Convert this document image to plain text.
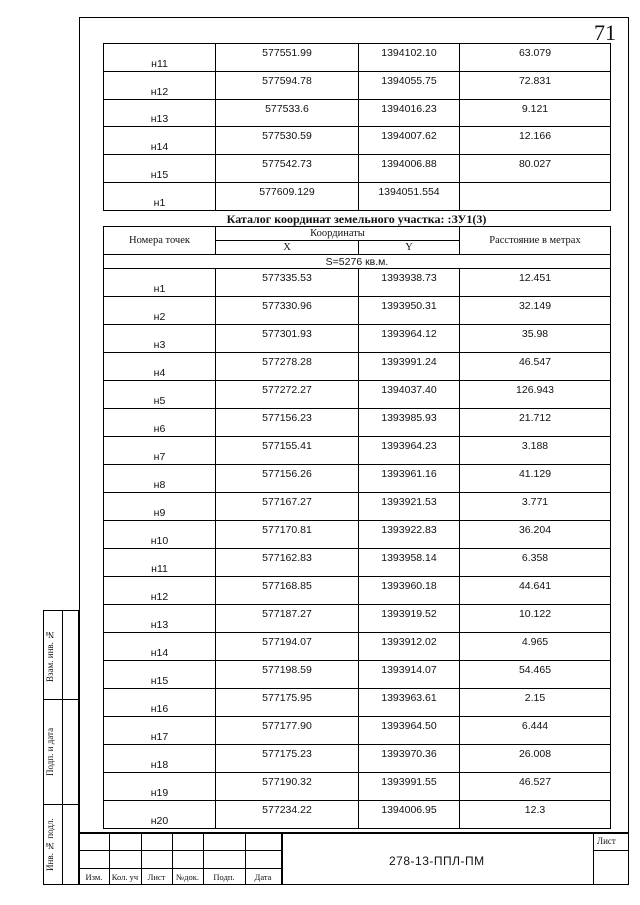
71
н11	577551.99	1394102.10	63.079
н12	577594.78	1394055.75	72.831
н13	577533.6	1394016.23	9.121
н14	577530.59	1394007.62	12.166
н15	577542.73	1394006.88	80.027
н1	577609.129	1394051.554	
Каталог координат земельного участка: :ЗУ1(3)
Номера точек	Координаты		Расстояние в метрах
	X	Y	
S=5276 кв.м.			
н1	577335.53	1393938.73	12.451
н2	577330.96	1393950.31	32.149
н3	577301.93	1393964.12	35.98
н4	577278.28	1393991.24	46.547
н5	577272.27	1394037.40	126.943
н6	577156.23	1393985.93	21.712
н7	577155.41	1393964.23	3.188
н8	577156.26	1393961.16	41.129
н9	577167.27	1393921.53	3.771
н10	577170.81	1393922.83	36.204
н11	577162.83	1393958.14	6.358
н12	577168.85	1393960.18	44.641
н13	577187.27	1393919.52	10.122
н14	577194.07	1393912.02	4.965
н15	577198.59	1393914.07	54.465
н16	577175.95	1393963.61	2.15
н17	577177.90	1393964.50	6.444
н18	577175.23	1393970.36	26.008
н19	577190.32	1393991.55	46.527
н20	577234.22	1394006.95	12.3
Взам. инв. №
Подп. и дата
Инв. № подл.
Изм.	Кол. уч	Лист	№док.	Подп.	Дата
278-13-ППЛ-ПМ
Лист
